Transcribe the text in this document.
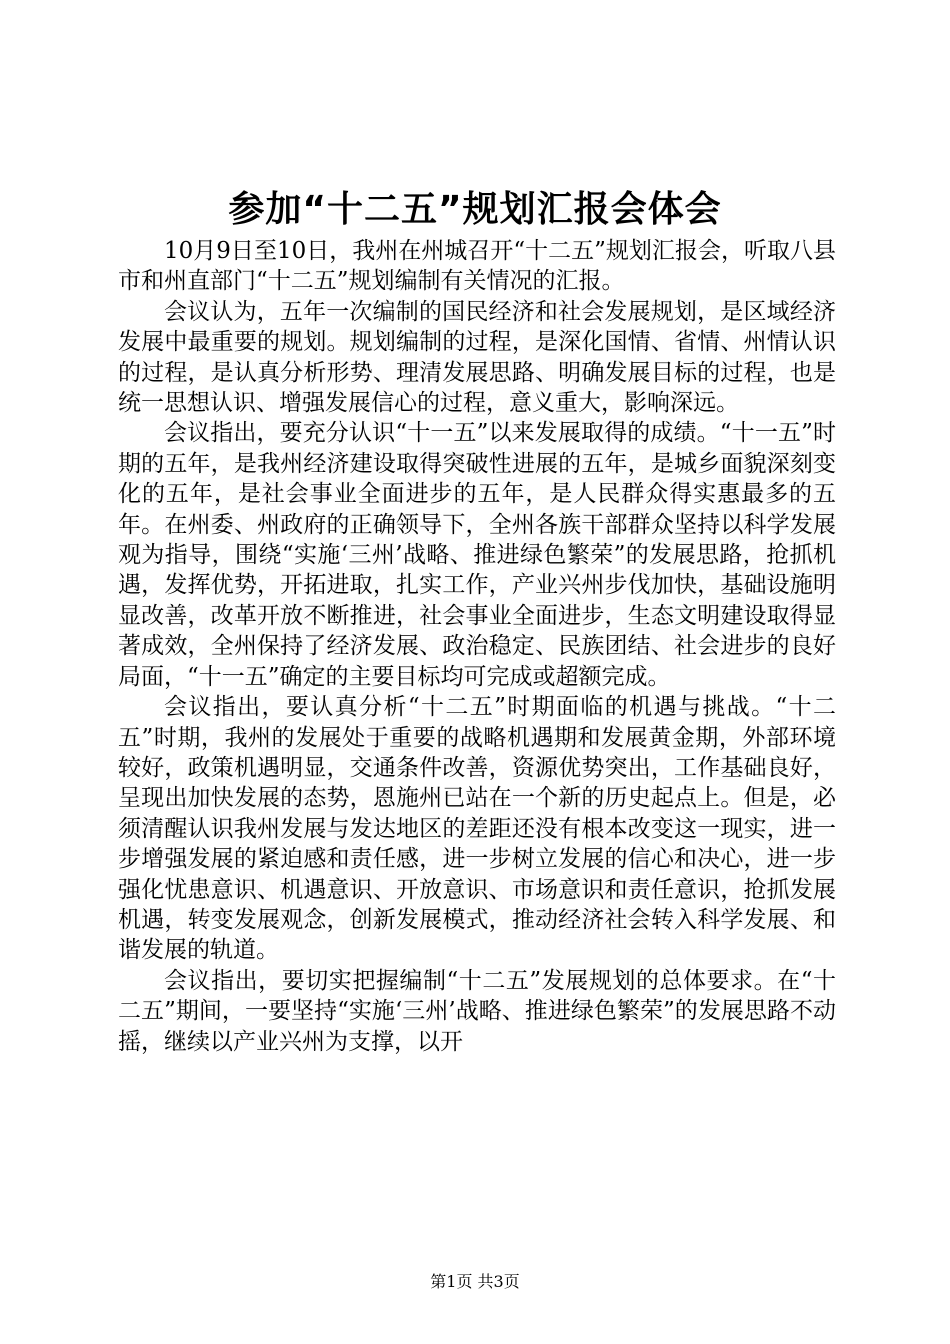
参加“十二五”规划汇报会体会

10月9日至10日，我州在州城召开“十二五”规划汇报会，听取八县市和州直部门“十二五”规划编制有关情况的汇报。

会议认为，五年一次编制的国民经济和社会发展规划，是区域经济发展中最重要的规划。规划编制的过程，是深化国情、省情、州情认识的过程，是认真分析形势、理清发展思路、明确发展目标的过程，也是统一思想认识、增强发展信心的过程，意义重大，影响深远。

会议指出，要充分认识“十一五”以来发展取得的成绩。“十一五”时期的五年，是我州经济建设取得突破性进展的五年，是城乡面貌深刻变化的五年，是社会事业全面进步的五年，是人民群众得实惠最多的五年。在州委、州政府的正确领导下，全州各族干部群众坚持以科学发展观为指导，围绕“实施‘三州’战略、推进绿色繁荣”的发展思路，抢抓机遇，发挥优势，开拓进取，扎实工作，产业兴州步伐加快，基础设施明显改善，改革开放不断推进，社会事业全面进步，生态文明建设取得显著成效，全州保持了经济发展、政治稳定、民族团结、社会进步的良好局面，“十一五”确定的主要目标均可完成或超额完成。

会议指出，要认真分析“十二五”时期面临的机遇与挑战。“十二五”时期，我州的发展处于重要的战略机遇期和发展黄金期，外部环境较好，政策机遇明显，交通条件改善，资源优势突出，工作基础良好，呈现出加快发展的态势，恩施州已站在一个新的历史起点上。但是，必须清醒认识我州发展与发达地区的差距还没有根本改变这一现实，进一步增强发展的紧迫感和责任感，进一步树立发展的信心和决心，进一步强化忧患意识、机遇意识、开放意识、市场意识和责任意识，抢抓发展机遇，转变发展观念，创新发展模式，推动经济社会转入科学发展、和谐发展的轨道。

会议指出，要切实把握编制“十二五”发展规划的总体要求。在“十二五”期间，一要坚持“实施‘三州’战略、推进绿色繁荣”的发展思路不动摇，继续以产业兴州为支撑，以开

第1页 共3页
